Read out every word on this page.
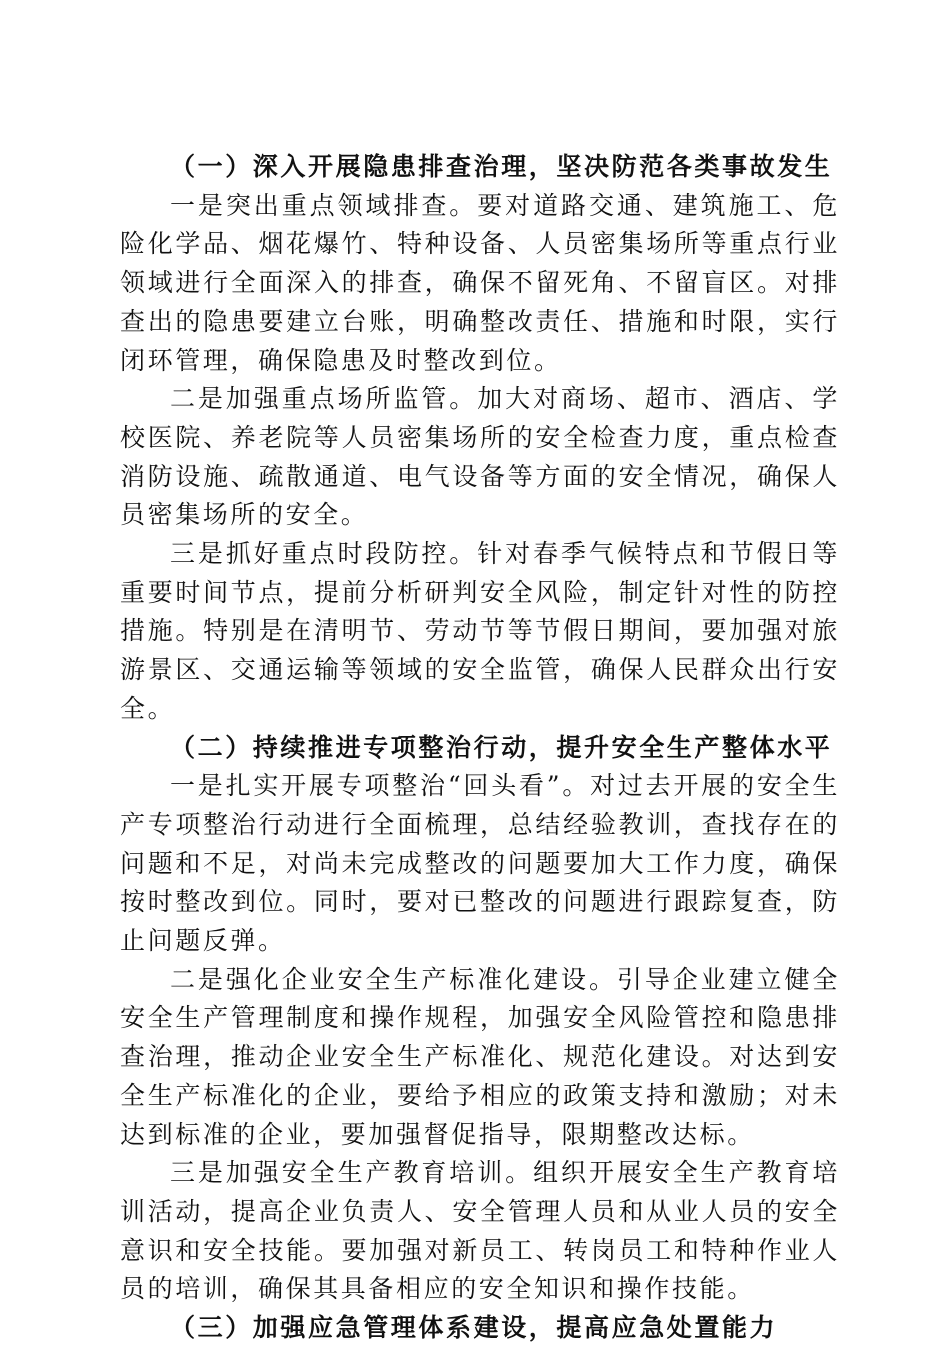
（一）深入开展隐患排查治理，坚决防范各类事故发生

一是突出重点领域排查。要对道路交通、建筑施工、危险化学品、烟花爆竹、特种设备、人员密集场所等重点行业领域进行全面深入的排查，确保不留死角、不留盲区。对排查出的隐患要建立台账，明确整改责任、措施和时限，实行闭环管理，确保隐患及时整改到位。

二是加强重点场所监管。加大对商场、超市、酒店、学校医院、养老院等人员密集场所的安全检查力度，重点检查消防设施、疏散通道、电气设备等方面的安全情况，确保人员密集场所的安全。

三是抓好重点时段防控。针对春季气候特点和节假日等重要时间节点，提前分析研判安全风险，制定针对性的防控措施。特别是在清明节、劳动节等节假日期间，要加强对旅游景区、交通运输等领域的安全监管，确保人民群众出行安全。

（二）持续推进专项整治行动，提升安全生产整体水平

一是扎实开展专项整治“回头看”。对过去开展的安全生产专项整治行动进行全面梳理，总结经验教训，查找存在的问题和不足，对尚未完成整改的问题要加大工作力度，确保按时整改到位。同时，要对已整改的问题进行跟踪复查，防止问题反弹。

二是强化企业安全生产标准化建设。引导企业建立健全安全生产管理制度和操作规程，加强安全风险管控和隐患排查治理，推动企业安全生产标准化、规范化建设。对达到安全生产标准化的企业，要给予相应的政策支持和激励；对未达到标准的企业，要加强督促指导，限期整改达标。

三是加强安全生产教育培训。组织开展安全生产教育培训活动，提高企业负责人、安全管理人员和从业人员的安全意识和安全技能。要加强对新员工、转岗员工和特种作业人员的培训，确保其具备相应的安全知识和操作技能。

（三）加强应急管理体系建设，提高应急处置能力
